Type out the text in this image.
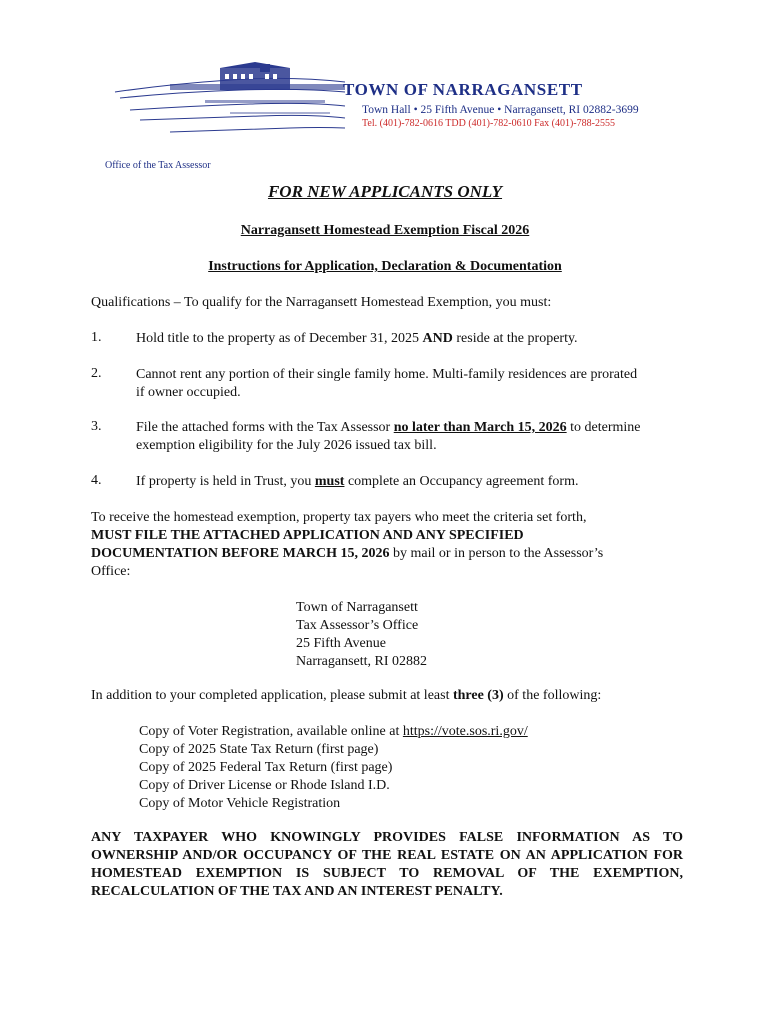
TOWN OF NARRAGANSETT
Town Hall • 25 Fifth Avenue • Narragansett, RI 02882-3699
Tel. (401)-782-0616 TDD (401)-782-0610 Fax (401)-788-2555
Office of the Tax Assessor
FOR NEW APPLICANTS ONLY
Narragansett Homestead Exemption Fiscal 2026
Instructions for Application, Declaration & Documentation
Qualifications – To qualify for the Narragansett Homestead Exemption, you must:
1. Hold title to the property as of December 31, 2025 AND reside at the property.
2. Cannot rent any portion of their single family home. Multi-family residences are prorated
if owner occupied.
3. File the attached forms with the Tax Assessor no later than March 15, 2026 to determine
exemption eligibility for the July 2026 issued tax bill.
4. If property is held in Trust, you must complete an Occupancy agreement form.
To receive the homestead exemption, property tax payers who meet the criteria set forth,
MUST FILE THE ATTACHED APPLICATION AND ANY SPECIFIED
DOCUMENTATION BEFORE MARCH 15, 2026 by mail or in person to the Assessor’s
Office:
Town of Narragansett
Tax Assessor’s Office
25 Fifth Avenue
Narragansett, RI 02882
In addition to your completed application, please submit at least three (3) of the following:
Copy of Voter Registration, available online at https://vote.sos.ri.gov/
Copy of 2025 State Tax Return (first page)
Copy of 2025 Federal Tax Return (first page)
Copy of Driver License or Rhode Island I.D.
Copy of Motor Vehicle Registration
ANY TAXPAYER WHO KNOWINGLY PROVIDES FALSE INFORMATION AS TO OWNERSHIP AND/OR OCCUPANCY OF THE REAL ESTATE ON AN APPLICATION FOR HOMESTEAD EXEMPTION IS SUBJECT TO REMOVAL OF THE EXEMPTION, RECALCULATION OF THE TAX AND AN INTEREST PENALTY.
